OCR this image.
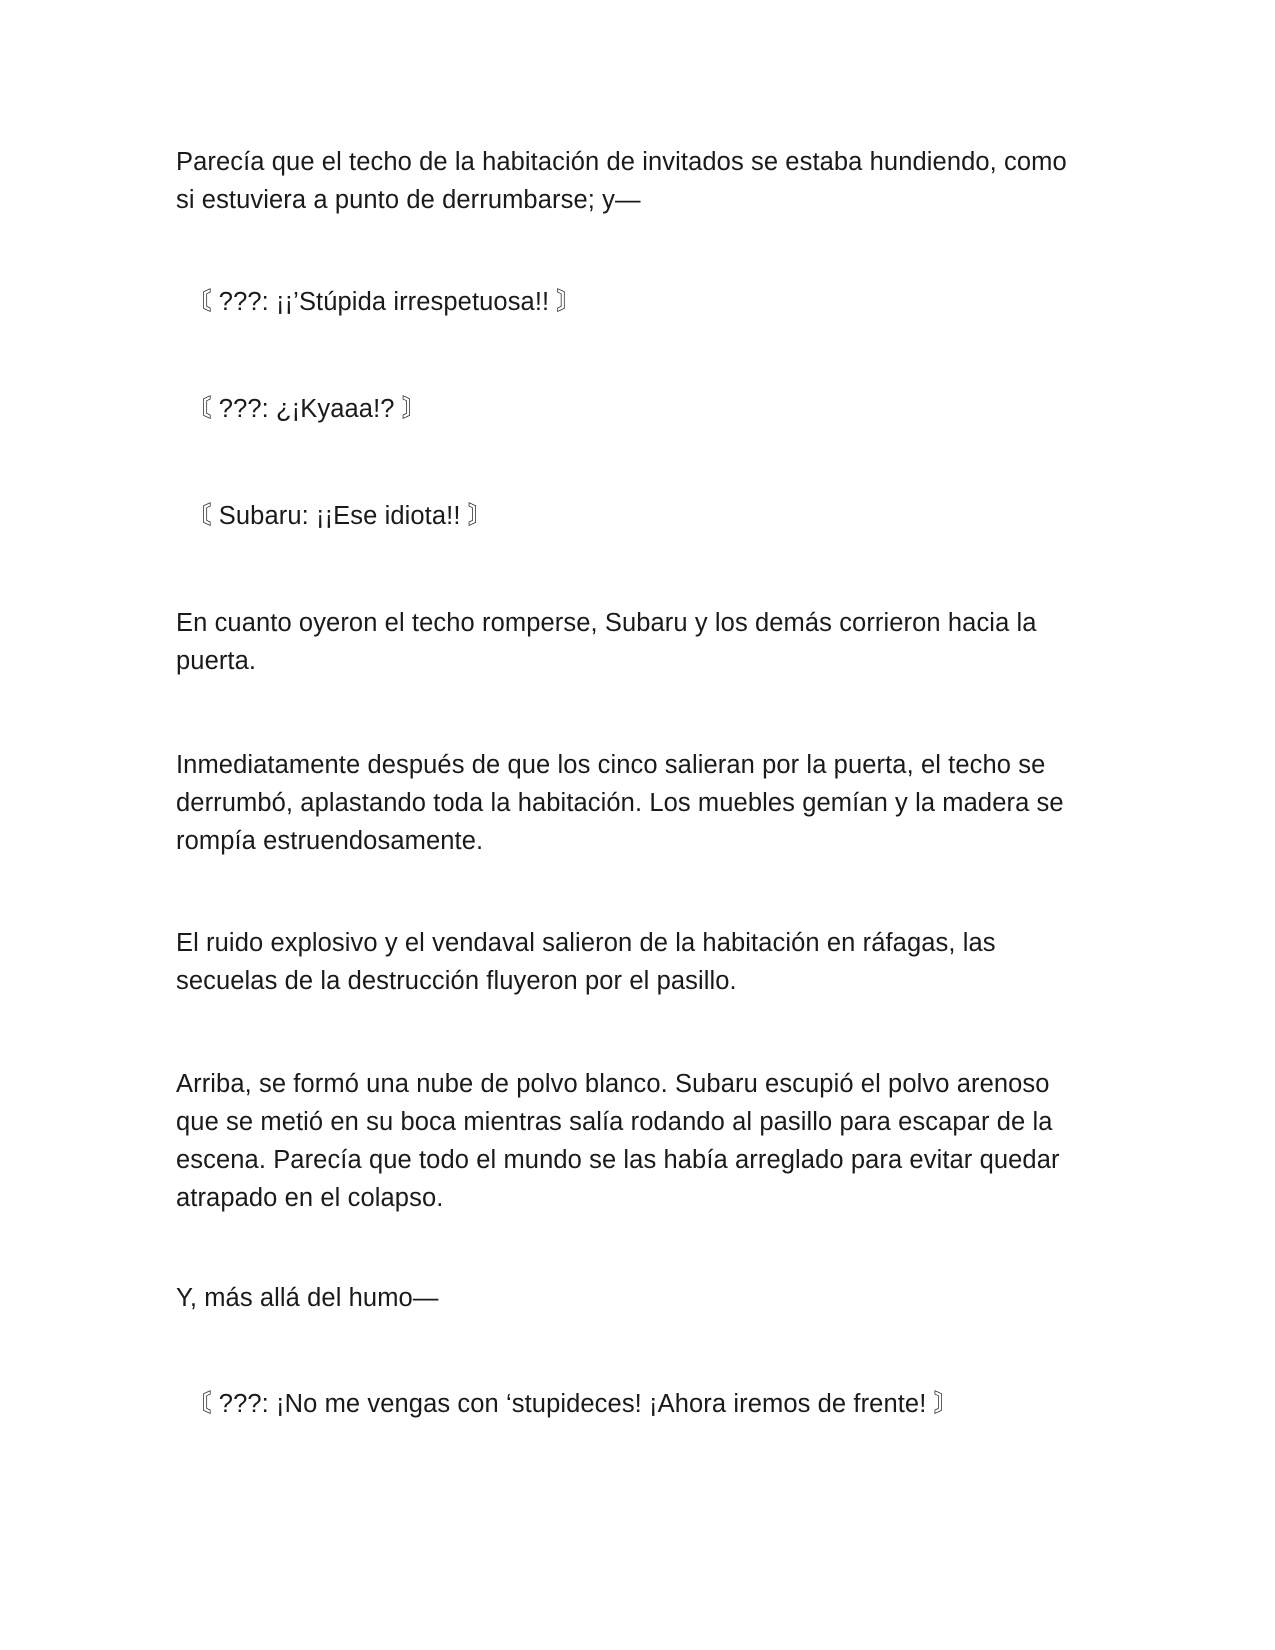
Parecía que el techo de la habitación de invitados se estaba hundiendo, como
si estuviera a punto de derrumbarse; y—

〘 ???: ¡¡’Stúpida irrespetuosa!! 〙

〘 ???: ¿¡Kyaaa!? 〙

〘 Subaru: ¡¡Ese idiota!! 〙

En cuanto oyeron el techo romperse, Subaru y los demás corrieron hacia la
puerta.

Inmediatamente después de que los cinco salieran por la puerta, el techo se
derrumbó, aplastando toda la habitación. Los muebles gemían y la madera se
rompía estruendosamente.

El ruido explosivo y el vendaval salieron de la habitación en ráfagas, las
secuelas de la destrucción fluyeron por el pasillo.

Arriba, se formó una nube de polvo blanco. Subaru escupió el polvo arenoso
que se metió en su boca mientras salía rodando al pasillo para escapar de la
escena. Parecía que todo el mundo se las había arreglado para evitar quedar
atrapado en el colapso.

Y, más allá del humo—

〘 ???: ¡No me vengas con ‘stupideces! ¡Ahora iremos de frente! 〙
